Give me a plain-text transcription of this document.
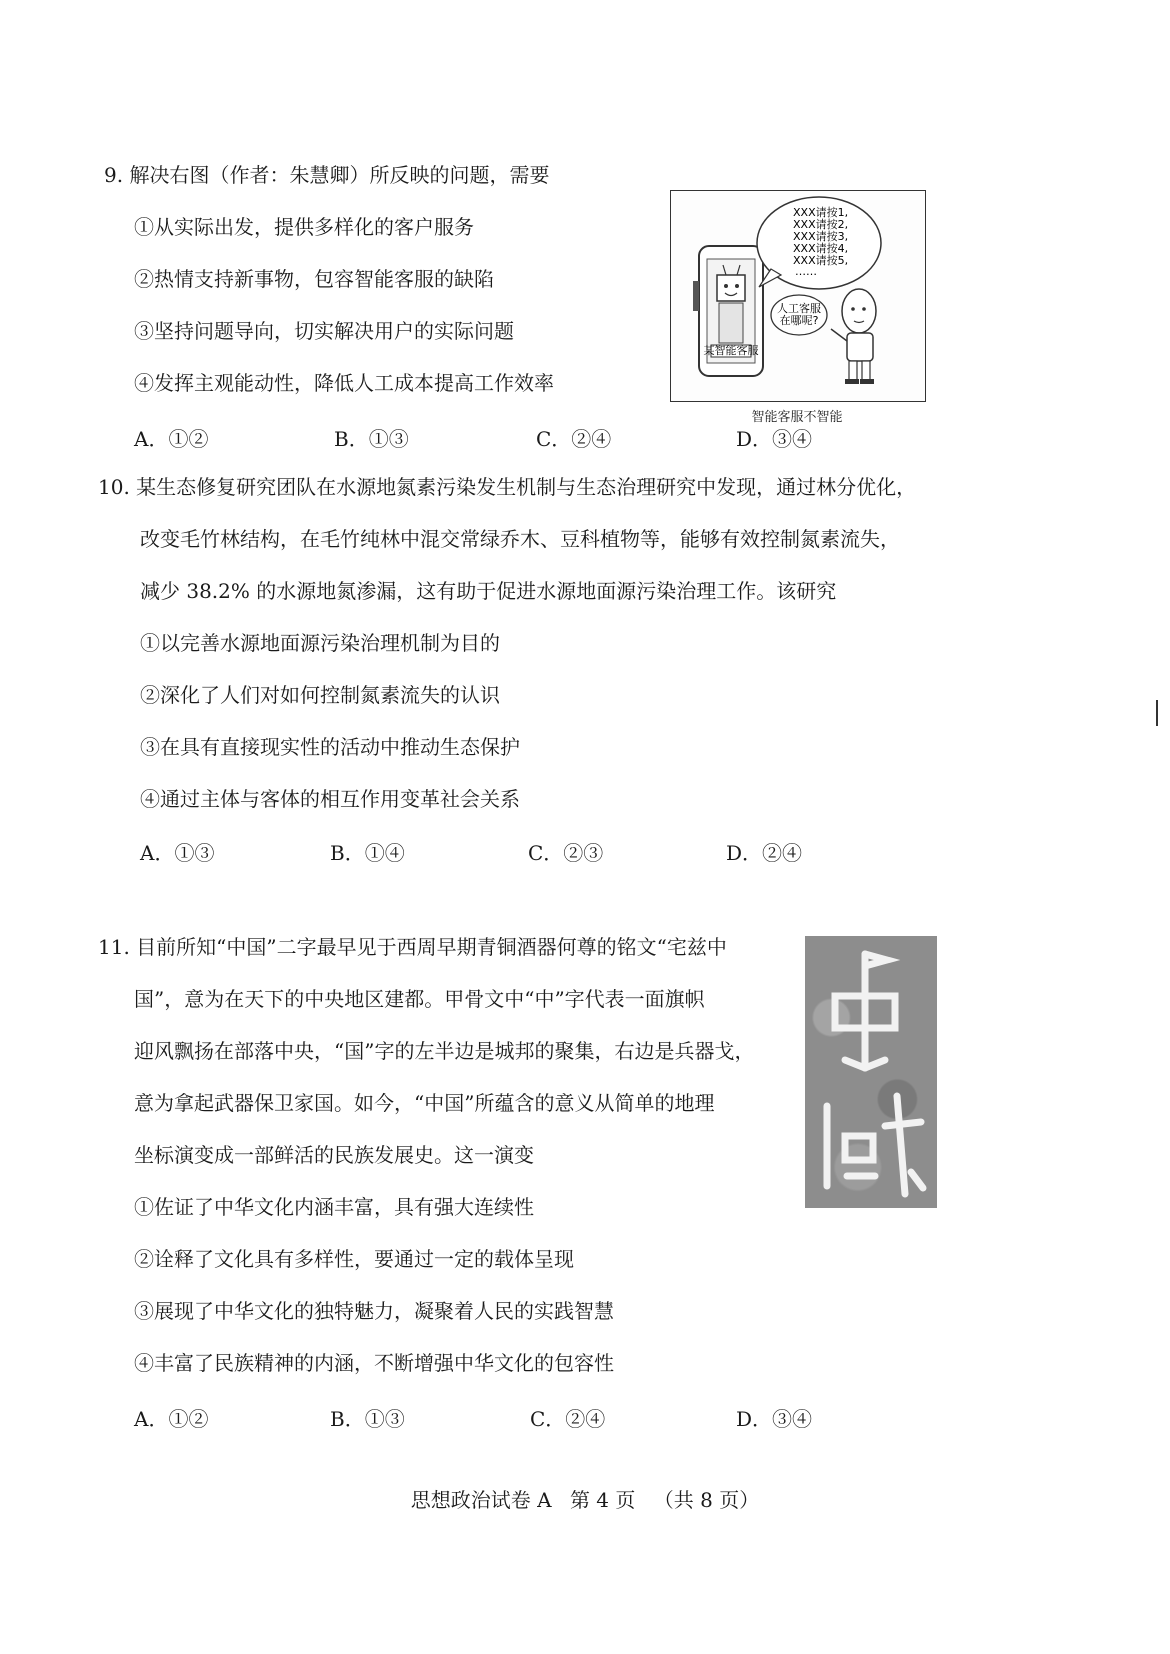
9. 解决右图（作者：朱慧卿）所反映的问题，需要
①从实际出发，提供多样化的客户服务
②热情支持新事物，包容智能客服的缺陷
③坚持问题导向，切实解决用户的实际问题
④发挥主观能动性，降低人工成本提高工作效率
A．①②	B．①③	C．②④	D．③④
某智能客服
XXX请按1,
XXX请按2,
XXX请按3,
XXX请按4,
XXX请按5,
……
人工客服
在哪呢?
智能客服不智能
10. 某生态修复研究团队在水源地氮素污染发生机制与生态治理研究中发现，通过林分优化，
改变毛竹林结构，在毛竹纯林中混交常绿乔木、豆科植物等，能够有效控制氮素流失，
减少 38.2% 的水源地氮渗漏，这有助于促进水源地面源污染治理工作。该研究
①以完善水源地面源污染治理机制为目的
②深化了人们对如何控制氮素流失的认识
③在具有直接现实性的活动中推动生态保护
④通过主体与客体的相互作用变革社会关系
A．①③	B．①④	C．②③	D．②④
11. 目前所知“中国”二字最早见于西周早期青铜酒器何尊的铭文“宅兹中
国”，意为在天下的中央地区建都。甲骨文中“中”字代表一面旗帜
迎风飘扬在部落中央，“国”字的左半边是城邦的聚集，右边是兵器戈，
意为拿起武器保卫家国。如今，“中国”所蕴含的意义从简单的地理
坐标演变成一部鲜活的民族发展史。这一演变
①佐证了中华文化内涵丰富，具有强大连续性
②诠释了文化具有多样性，要通过一定的载体呈现
③展现了中华文化的独特魅力，凝聚着人民的实践智慧
④丰富了民族精神的内涵，不断增强中华文化的包容性
A．①②	B．①③	C．②④	D．③④
思想政治试卷 A 第 4 页 （共 8 页）
